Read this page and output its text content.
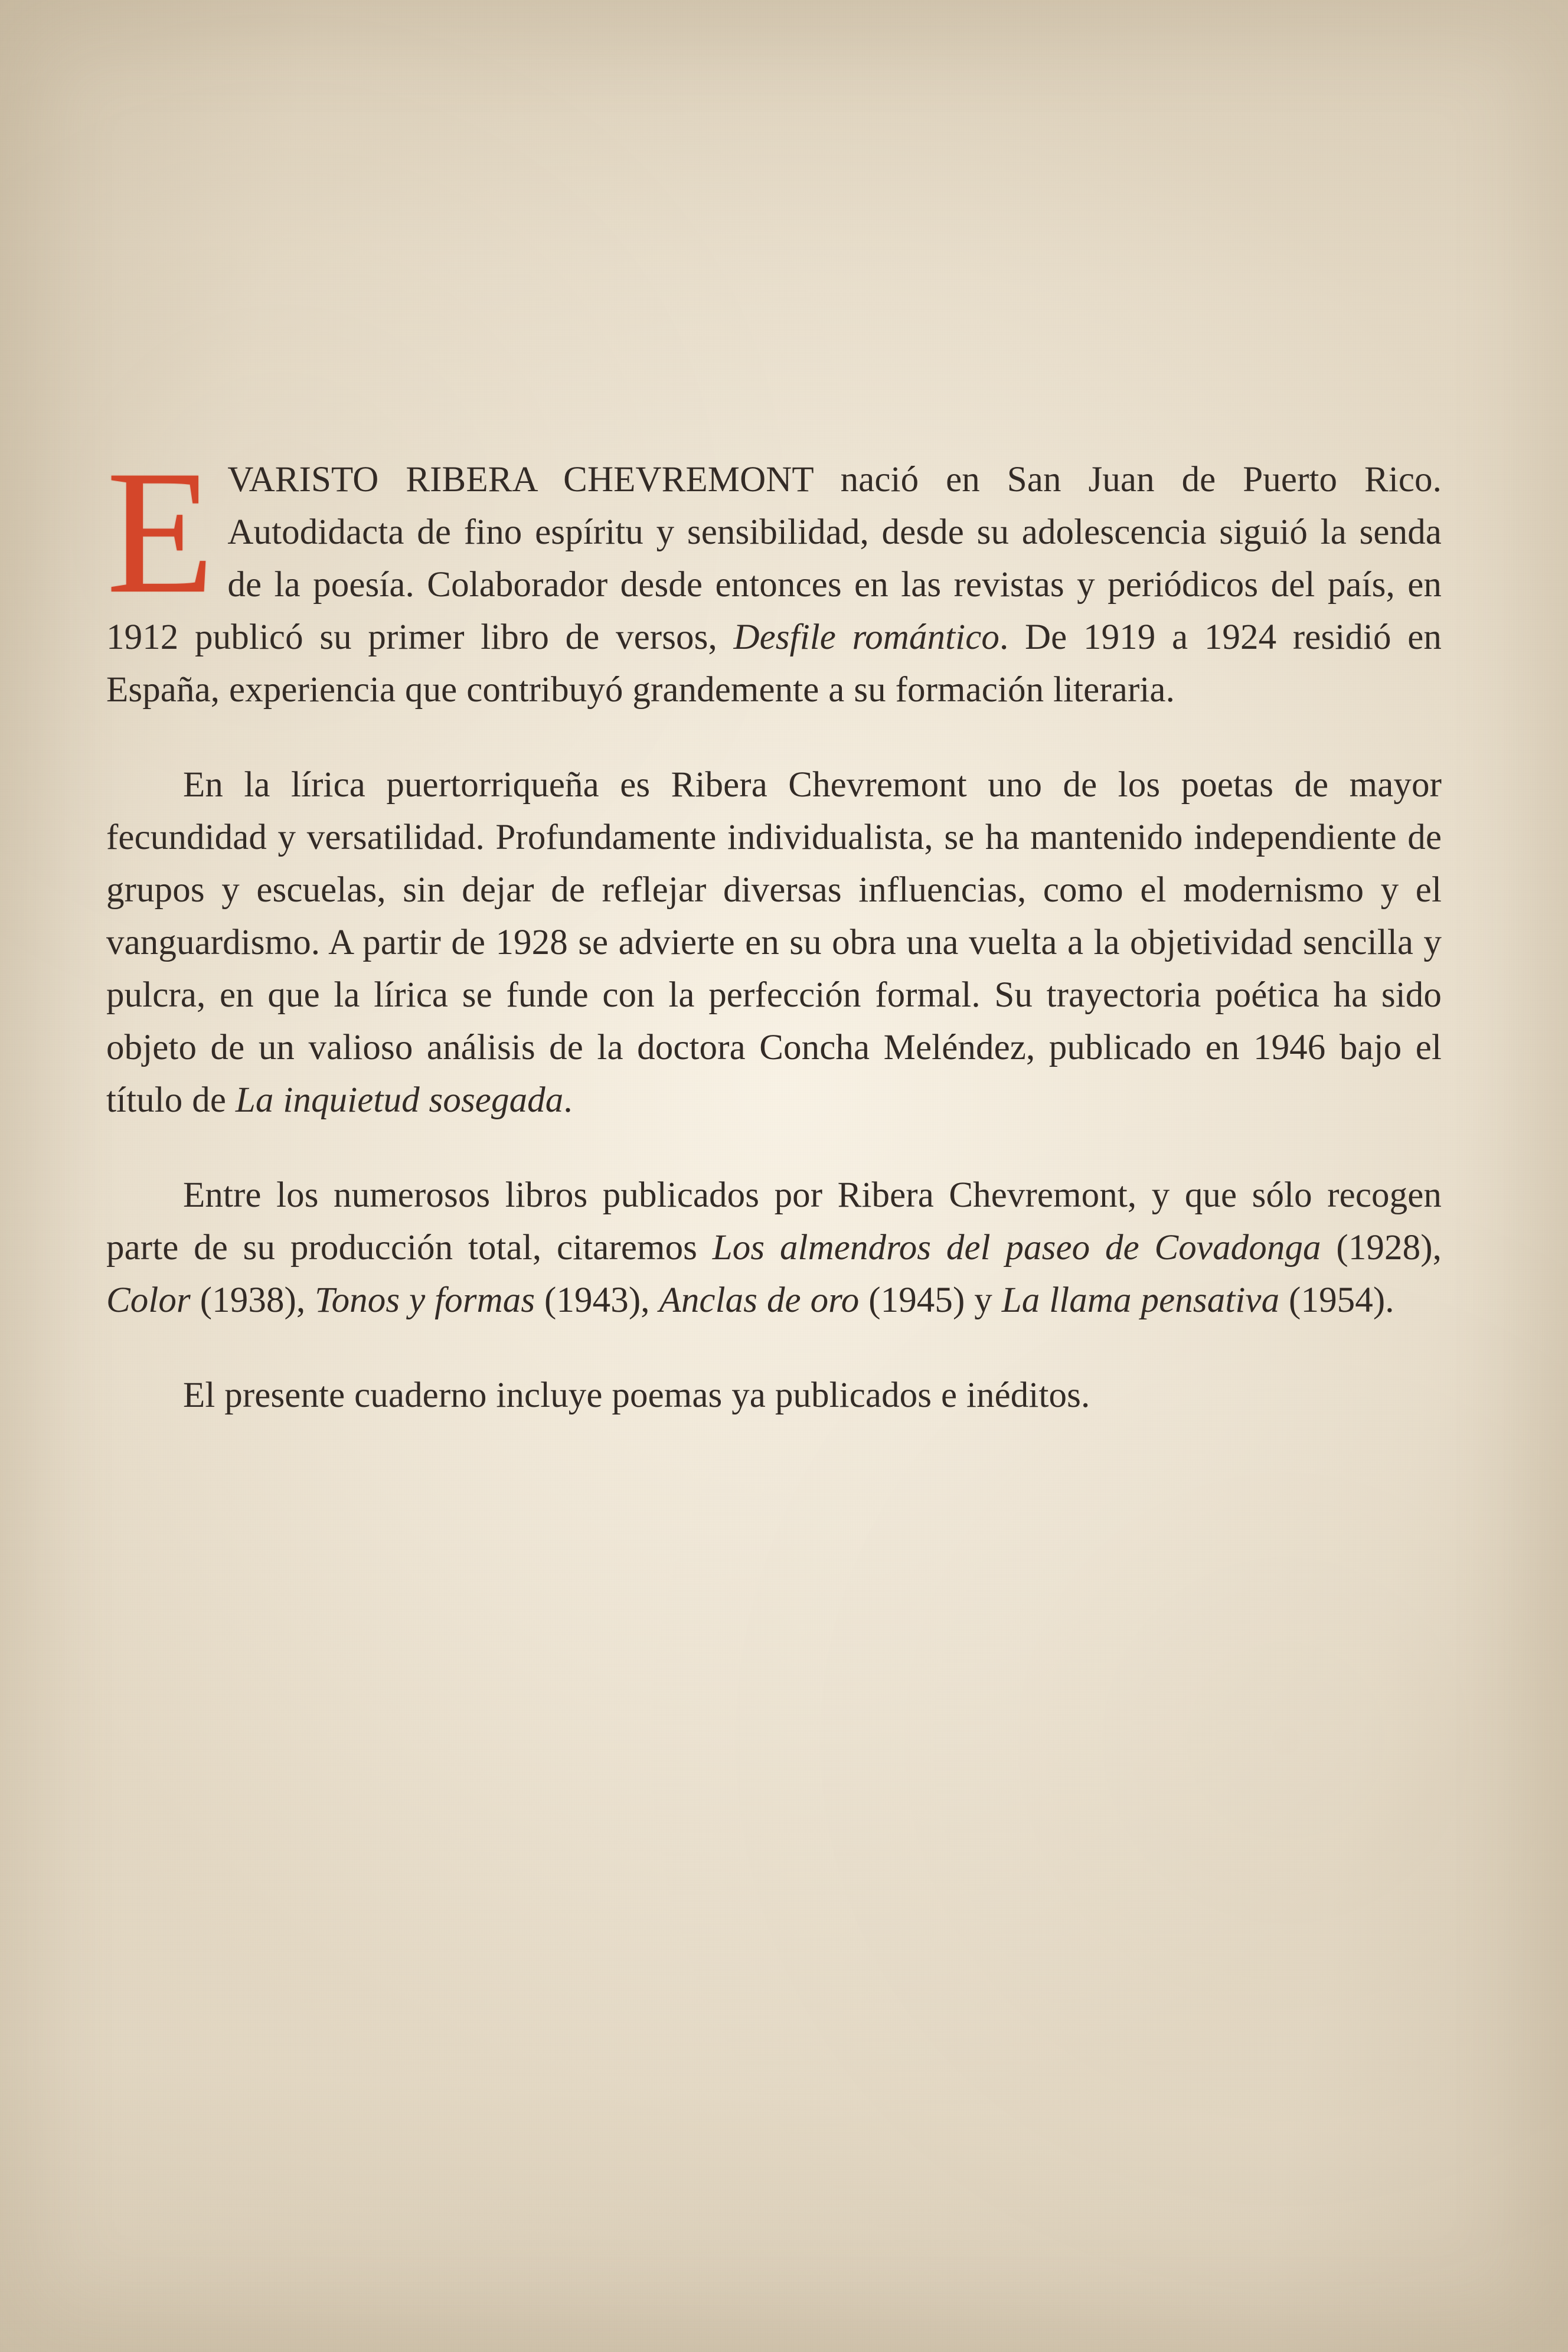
EVARISTO RIBERA CHEVREMONT nació en San Juan de Puerto Rico. Autodidacta de fino espíritu y sensibilidad, desde su adolescencia siguió la senda de la poesía. Colaborador desde entonces en las revistas y periódicos del país, en 1912 publicó su primer libro de versos, Desfile romántico. De 1919 a 1924 residió en España, experiencia que contribuyó grandemente a su formación literaria.

En la lírica puertorriqueña es Ribera Chevremont uno de los poetas de mayor fecundidad y versatilidad. Profundamente individualista, se ha mantenido independiente de grupos y escuelas, sin dejar de reflejar diversas influencias, como el modernismo y el vanguardismo. A partir de 1928 se advierte en su obra una vuelta a la objetividad sencilla y pulcra, en que la lírica se funde con la perfección formal. Su trayectoria poética ha sido objeto de un valioso análisis de la doctora Concha Meléndez, publicado en 1946 bajo el título de La inquietud sosegada.

Entre los numerosos libros publicados por Ribera Chevremont, y que sólo recogen parte de su producción total, citaremos Los almendros del paseo de Covadonga (1928), Color (1938), Tonos y formas (1943), Anclas de oro (1945) y La llama pensativa (1954).

El presente cuaderno incluye poemas ya publicados e inéditos.
